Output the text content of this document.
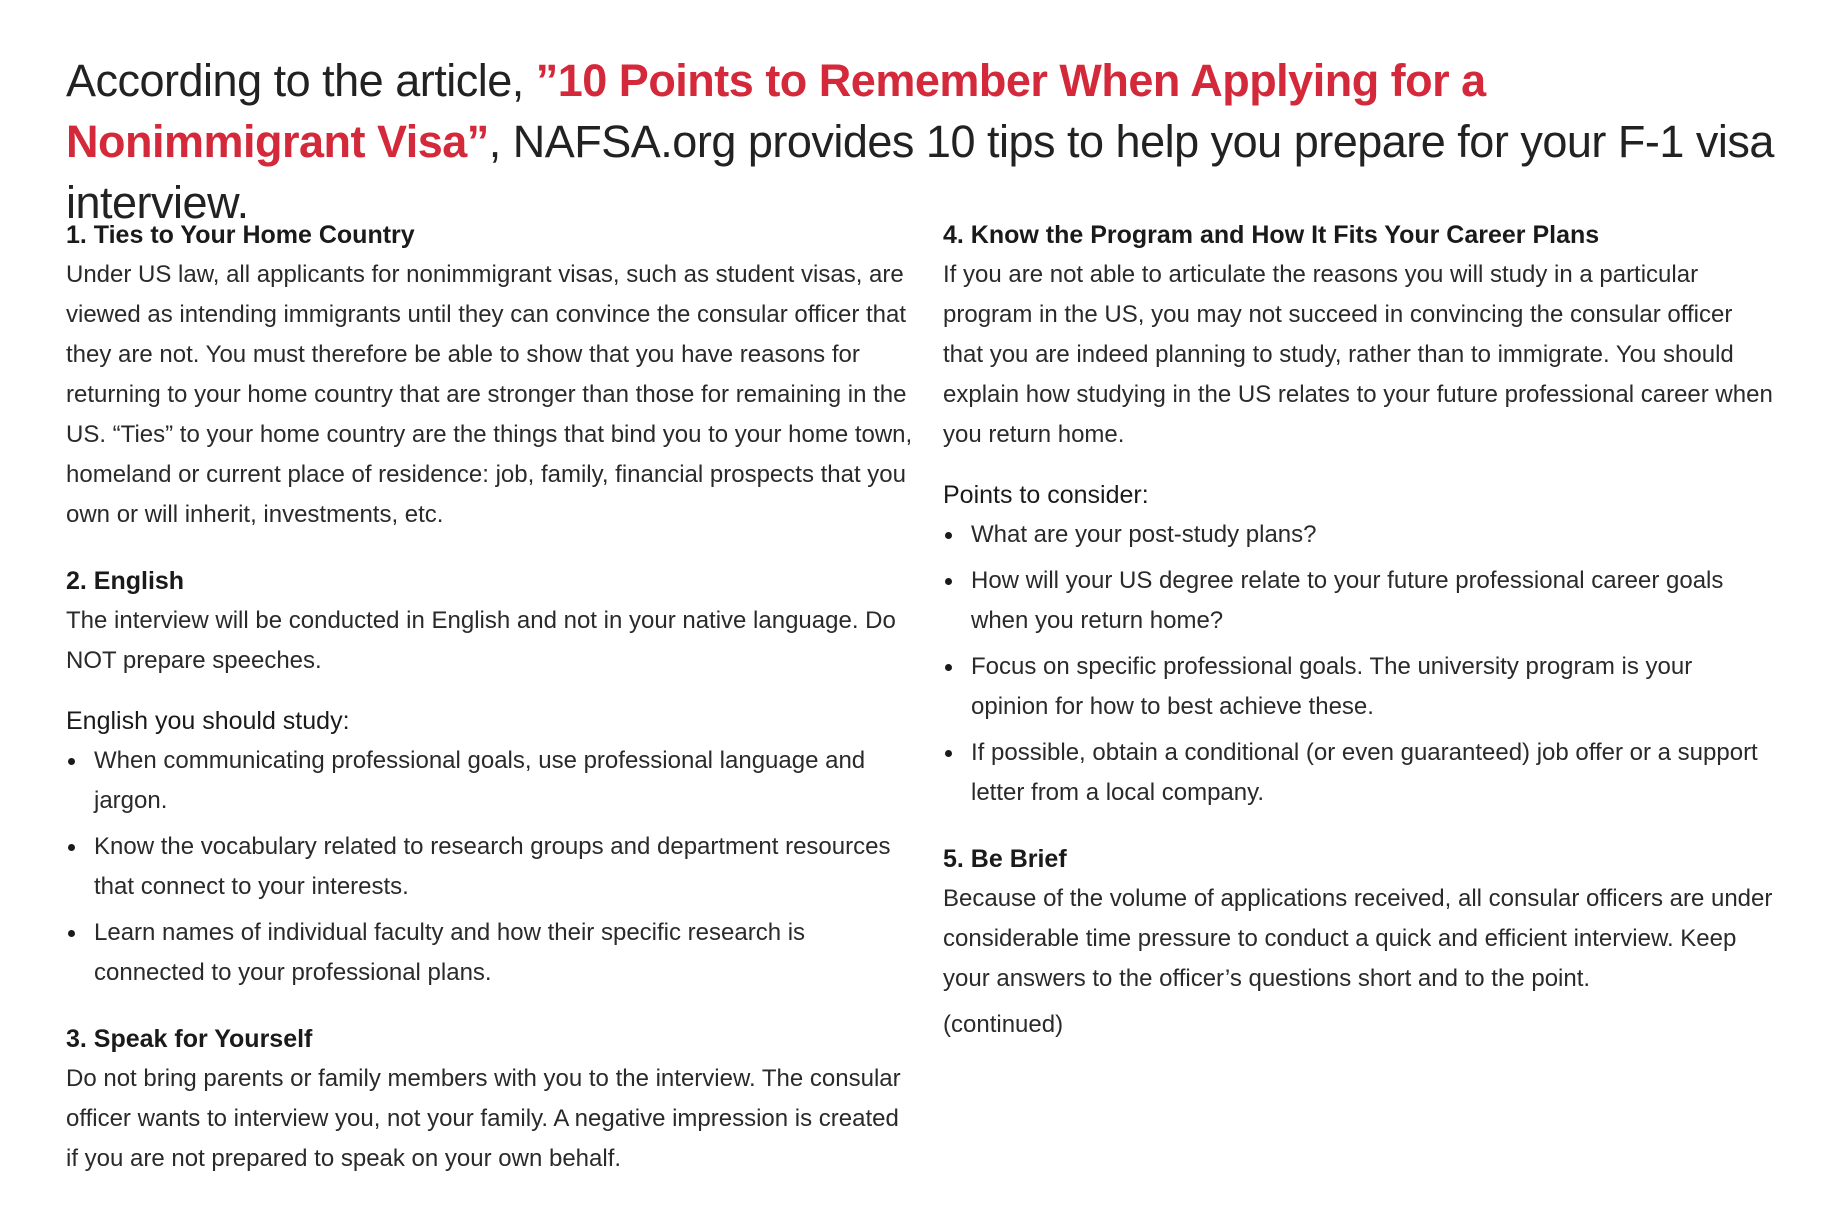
According to the article, ”10 Points to Remember When Applying for a Nonimmigrant Visa”, NAFSA.org provides 10 tips to help you prepare for your F-1 visa interview.
1. Ties to Your Home Country

Under US law, all applicants for nonimmigrant visas, such as student visas, are viewed as intending immigrants until they can convince the consular officer that they are not. You must therefore be able to show that you have reasons for returning to your home country that are stronger than those for remaining in the US. “Ties” to your home country are the things that bind you to your home town, homeland or current place of residence: job, family, financial prospects that you own or will inherit, investments, etc.

2. English

The interview will be conducted in English and not in your native language. Do NOT prepare speeches.

English you should study:

When communicating professional goals, use professional language and jargon.
Know the vocabulary related to research groups and department resources that connect to your interests.
Learn names of individual faculty and how their specific research is connected to your professional plans.
3. Speak for Yourself

Do not bring parents or family members with you to the interview. The consular officer wants to interview you, not your family. A negative impression is created if you are not prepared to speak on your own behalf.

4. Know the Program and How It Fits Your Career Plans

If you are not able to articulate the reasons you will study in a particular program in the US, you may not succeed in convincing the consular officer that you are indeed planning to study, rather than to immigrate. You should explain how studying in the US relates to your future professional career when you return home.

Points to consider:

What are your post-study plans?
How will your US degree relate to your future professional career goals when you return home?
Focus on specific professional goals. The university program is your opinion for how to best achieve these.
If possible, obtain a conditional (or even guaranteed) job offer or a support letter from a local company.
5. Be Brief

Because of the volume of applications received, all consular officers are under considerable time pressure to conduct a quick and efficient interview. Keep your answers to the officer’s questions short and to the point.

(continued)
